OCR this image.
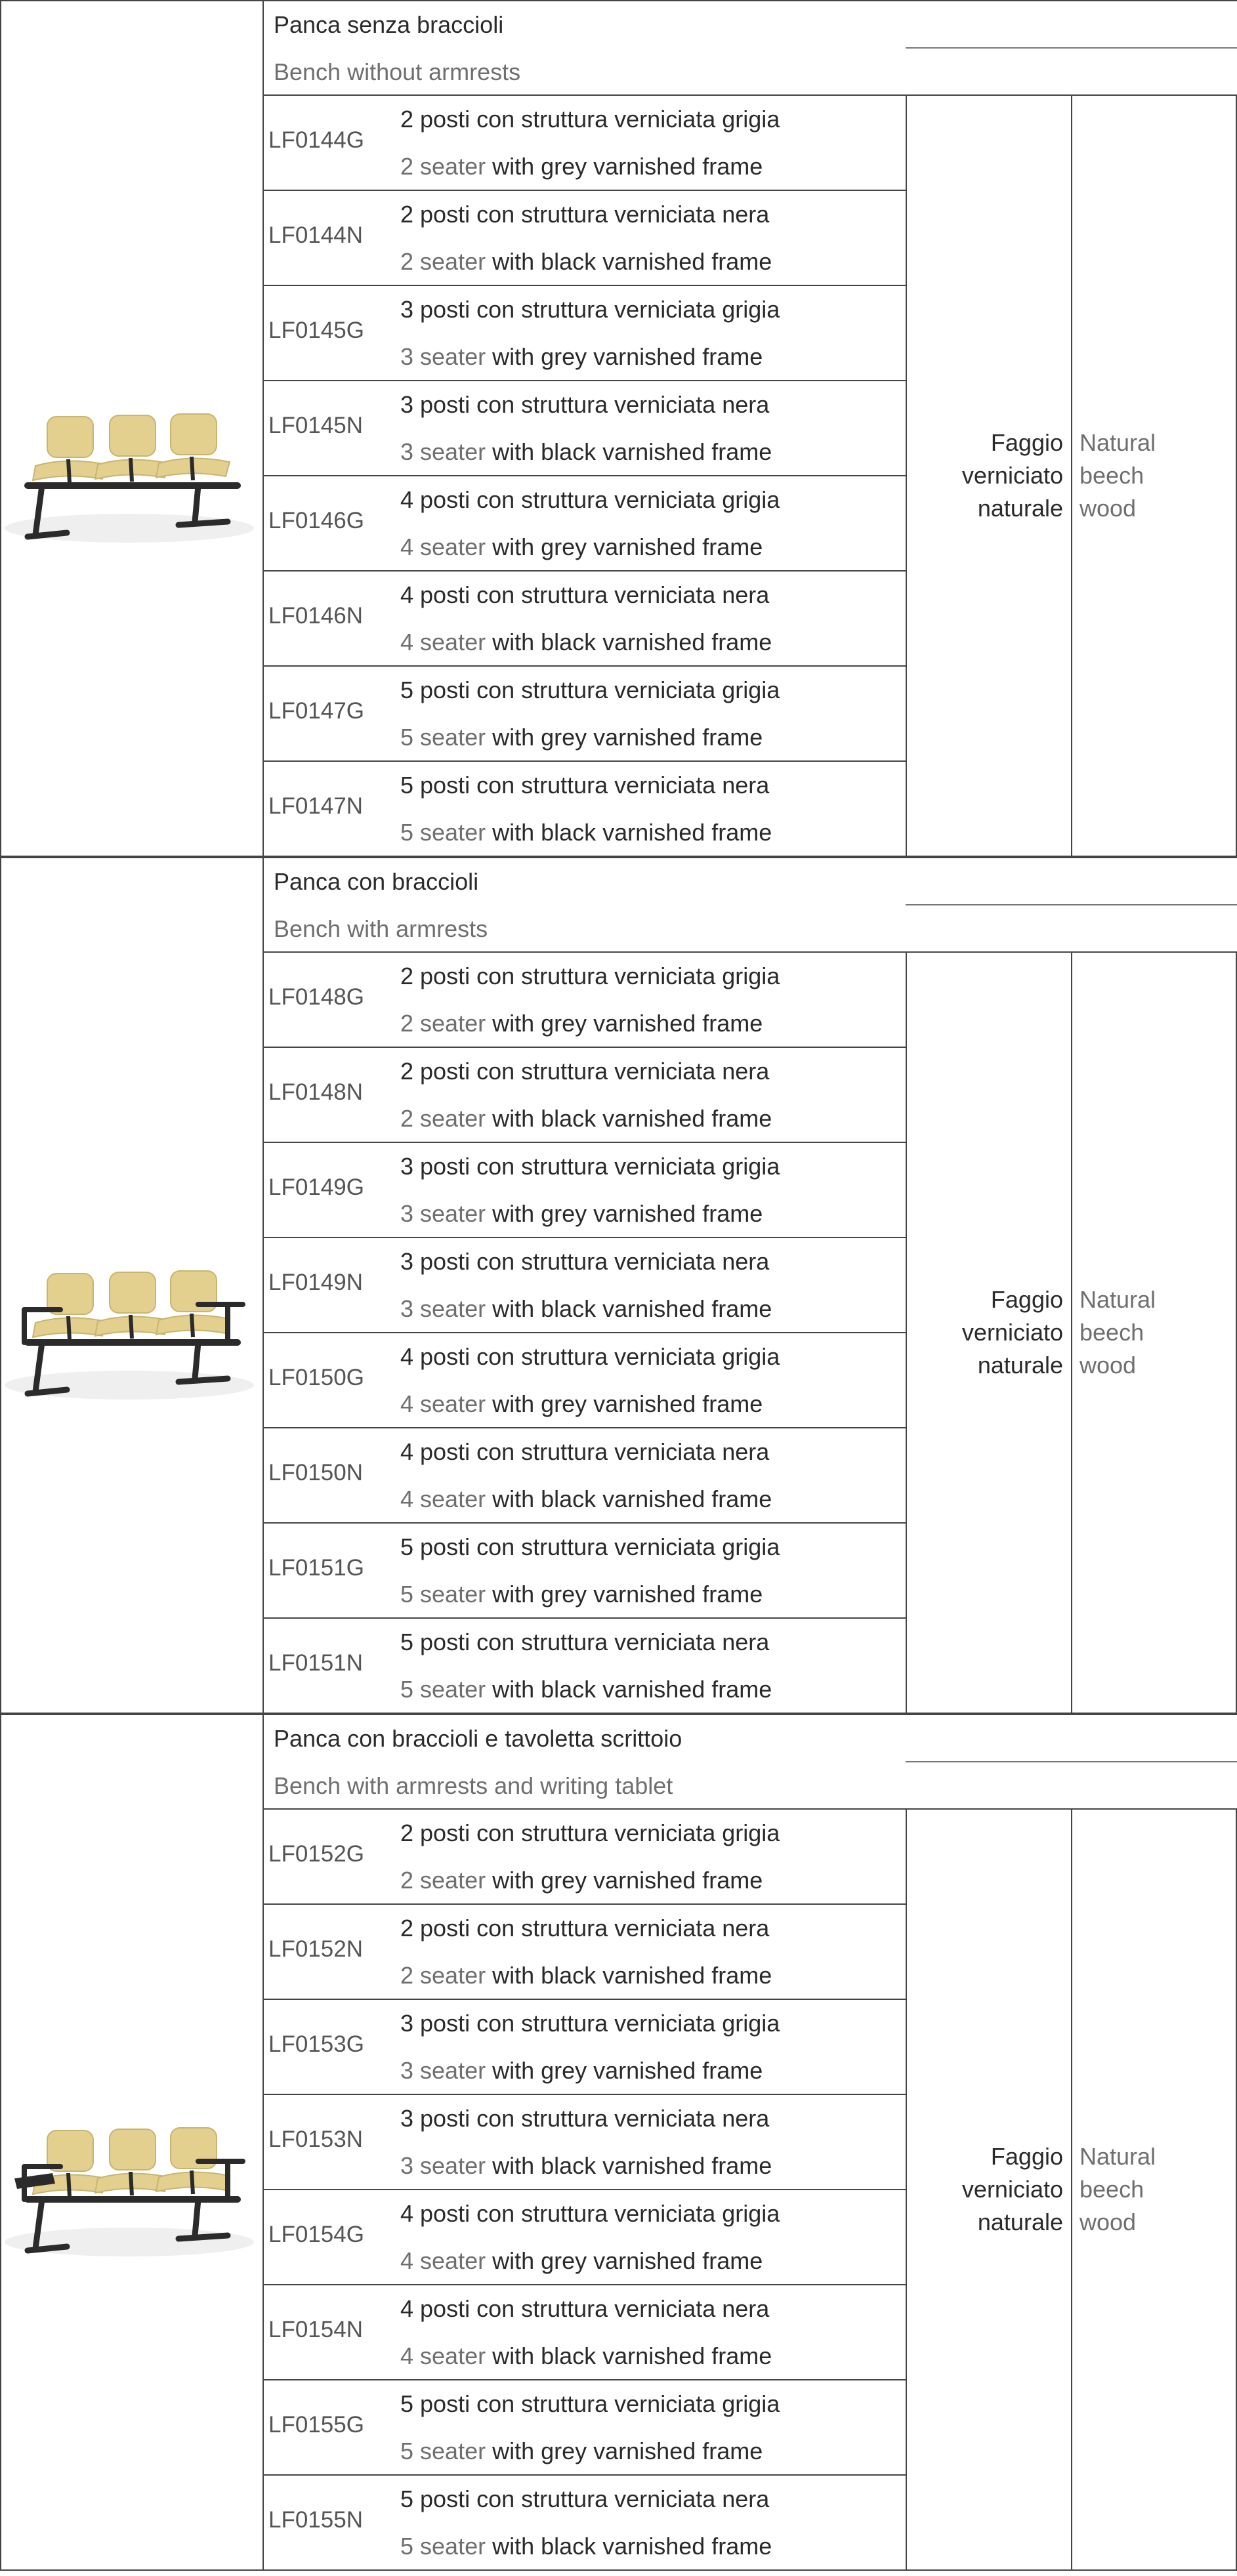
Panca senza braccioli
Bench without armrests
LF0144G
2 posti con struttura verniciata grigia
2 seater with grey varnished frame
LF0144N
2 posti con struttura verniciata nera
2 seater with black varnished frame
LF0145G
3 posti con struttura verniciata grigia
3 seater with grey varnished frame
LF0145N
3 posti con struttura verniciata nera
3 seater with black varnished frame
LF0146G
4 posti con struttura verniciata grigia
4 seater with grey varnished frame
LF0146N
4 posti con struttura verniciata nera
4 seater with black varnished frame
LF0147G
5 posti con struttura verniciata grigia
5 seater with grey varnished frame
LF0147N
5 posti con struttura verniciata nera
5 seater with black varnished frame
Faggio
verniciato
naturale
Natural
beech
wood
Panca con braccioli
Bench with armrests
LF0148G
2 posti con struttura verniciata grigia
2 seater with grey varnished frame
LF0148N
2 posti con struttura verniciata nera
2 seater with black varnished frame
LF0149G
3 posti con struttura verniciata grigia
3 seater with grey varnished frame
LF0149N
3 posti con struttura verniciata nera
3 seater with black varnished frame
LF0150G
4 posti con struttura verniciata grigia
4 seater with grey varnished frame
LF0150N
4 posti con struttura verniciata nera
4 seater with black varnished frame
LF0151G
5 posti con struttura verniciata grigia
5 seater with grey varnished frame
LF0151N
5 posti con struttura verniciata nera
5 seater with black varnished frame
Faggio
verniciato
naturale
Natural
beech
wood
Panca con braccioli e tavoletta scrittoio
Bench with armrests and writing tablet
LF0152G
2 posti con struttura verniciata grigia
2 seater with grey varnished frame
LF0152N
2 posti con struttura verniciata nera
2 seater with black varnished frame
LF0153G
3 posti con struttura verniciata grigia
3 seater with grey varnished frame
LF0153N
3 posti con struttura verniciata nera
3 seater with black varnished frame
LF0154G
4 posti con struttura verniciata grigia
4 seater with grey varnished frame
LF0154N
4 posti con struttura verniciata nera
4 seater with black varnished frame
LF0155G
5 posti con struttura verniciata grigia
5 seater with grey varnished frame
LF0155N
5 posti con struttura verniciata nera
5 seater with black varnished frame
Faggio
verniciato
naturale
Natural
beech
wood
